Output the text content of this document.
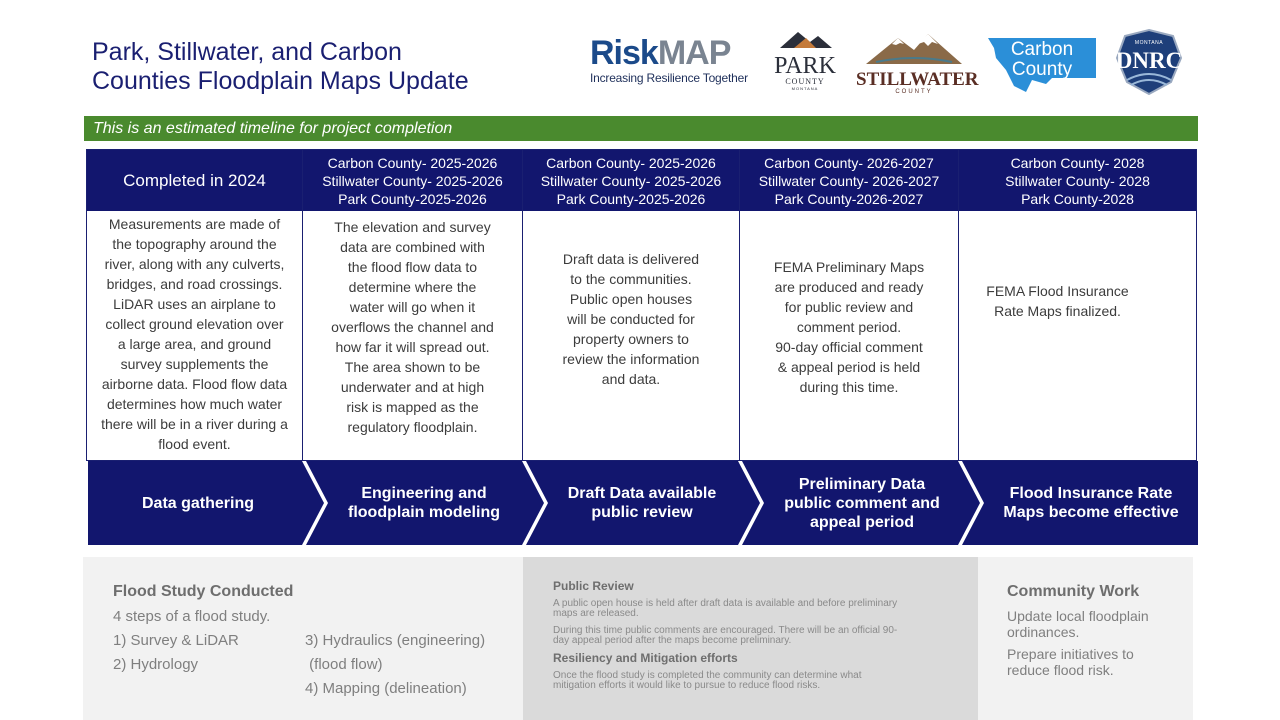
Park, Stillwater, and Carbon
Counties Floodplain Maps Update
RiskMAP
Increasing Resilience Together	PARK
COUNTY
MONTANA	STILLWATER
COUNTY
Carbon
County
MONTANA
DNRC
This is an estimated timeline for project completion
Completed in 2024
Measurements are made of
the topography around the
river, along with any culverts,
bridges, and road crossings.
LiDAR uses an airplane to
collect ground elevation over
a large area, and ground
survey supplements the
airborne data. Flood flow data
determines how much water
there will be in a river during a
flood event.
Carbon County- 2025-2026
Stillwater County- 2025-2026
Park County-2025-2026
The elevation and survey
data are combined with
the flood flow data to
determine where the
water will go when it
overflows the channel and
how far it will spread out.
The area shown to be
underwater and at high
risk is mapped as the
regulatory floodplain.
Carbon County- 2025-2026
Stillwater County- 2025-2026
Park County-2025-2026
Draft data is delivered
to the communities.
Public open houses
will be conducted for
property owners to
review the information
and data.
Carbon County- 2026-2027
Stillwater County- 2026-2027
Park County-2026-2027
FEMA Preliminary Maps
are produced and ready
for public review and
comment period.
90-day official comment
& appeal period is held
during this time.
Carbon County- 2028
Stillwater County- 2028
Park County-2028
FEMA Flood Insurance
Rate Maps finalized.
Data gathering
Engineering and
floodplain modeling
Draft Data available
public review
Preliminary Data
public comment and
appeal period
Flood Insurance Rate
Maps become effective
Flood Study Conducted
4 steps of a flood study.
1) Survey & LiDAR
2) Hydrology
3) Hydraulics (engineering)
(flood flow)
4) Mapping (delineation)
Public Review
A public open house is held after draft data is available and before preliminary
maps are released.
During this time public comments are encouraged. There will be an official 90-
day appeal period after the maps become preliminary.
Resiliency and Mitigation efforts
Once the flood study is completed the community can determine what
mitigation efforts it would like to pursue to reduce flood risks.
Community Work
Update local floodplain
ordinances.
Prepare initiatives to
reduce flood risk.
